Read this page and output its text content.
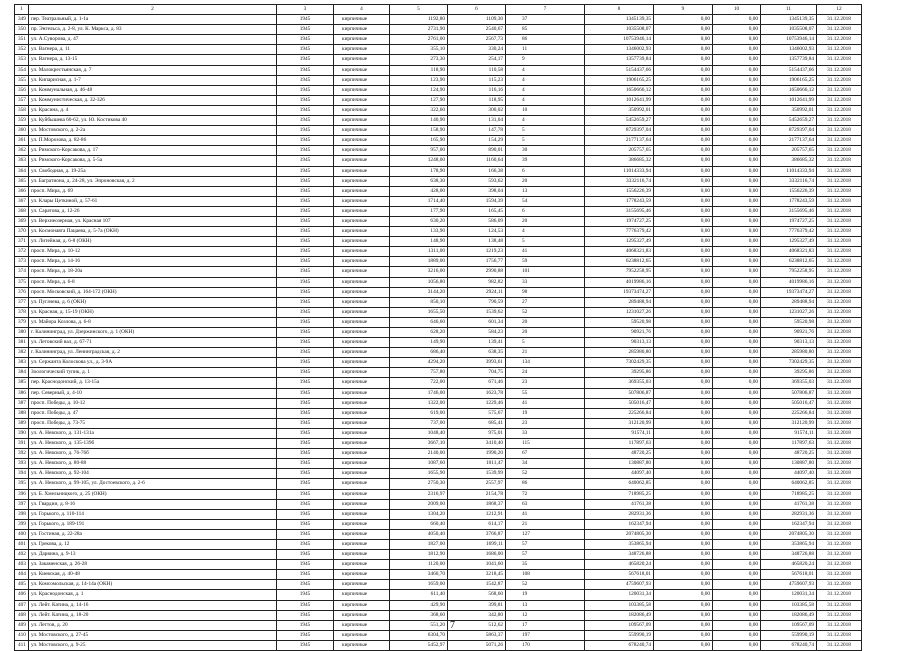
1	2	3	4	5	6	7	8	9	10	11	12
349	пер. Театральный, д. 1-1а	1945	кирпичные	1192,80	1109,30	37	1345139,35	0,00	0,00	1345139,35	31.12.2018
350	пр. Энгельса, д. 2-8, ул. К. Маркса, д. 83	1945	кирпичные	2731,90	2540,67	85	1035508,07	0,00	0,00	1035508,07	31.12.2018
351	ул. А.Суворова, д. 47	1945	кирпичные	2761,00	2567,73	86	10753946,14	0,00	0,00	10753946,14	31.12.2018
352	ул. Вагнера, д. 11	1945	кирпичные	355,10	330,24	11	1346002,93	0,00	0,00	1346002,93	31.12.2018
353	ул. Вагнера, д. 13-15	1945	кирпичные	273,30	254,17	9	1357739,84	0,00	0,00	1357739,84	31.12.2018
354	ул. Малокрестьянская, д. 7	1945	кирпичные	118,90	110,58	4	5154437,66	0,00	0,00	5154437,66	31.12.2018
355	ул. Кипарисная, д. 1-7	1945	кирпичные	123,90	115,23	4	1906165,25	0,00	0,00	1906165,25	31.12.2018
356	ул. Коммунальная, д. 46-48	1945	кирпичные	124,90	116,16	4	1650666,12	0,00	0,00	1650666,12	31.12.2018
357	ул. Коммунистическая, д. 32-326	1945	кирпичные	127,90	118,95	4	1012641,99	0,00	0,00	1012641,99	31.12.2018
358	ул. Красина, д. 4	1945	кирпичные	322,60	300,02	10	350992,01	0,00	0,00	350992,01	31.12.2018
359	ул. Куйбышева 60-62, ул. Ю. Костикова 40	1945	кирпичные	140,90	131,04	4	5452659,27	0,00	0,00	5452659,27	31.12.2018
360	ул. Мостовского, д. 2-2а	1945	кирпичные	158,90	147,78	5	8729397,04	0,00	0,00	8729397,04	31.12.2018
361	ул. П.Морозова, д. 82-86	1945	кирпичные	165,90	154,29	5	2177137,64	0,00	0,00	2177137,64	31.12.2018
362	ул. Римского-Корсакова, д. 17	1945	кирпичные	957,00	890,01	30	205757,65	0,00	0,00	205757,65	31.12.2018
363	ул. Римского-Корсакова, д. 5-5а	1945	кирпичные	1248,00	1160,64	39	386685,32	0,00	0,00	386685,32	31.12.2018
364	ул. Свободная, д. 19-25а	1945	кирпичные	178,90	166,38	6	11014333,94	0,00	0,00	11014333,94	31.12.2018
365	ул. Багратиона, д. 24-28, ул. Эпроновская, д. 2	1945	кирпичные	638,30	593,62	20	3332116,74	0,00	0,00	3332116,74	31.12.2018
366	просп. Мира, д. 69	1945	кирпичные	428,00	398,04	13	1556226,39	0,00	0,00	1556226,39	31.12.2018
367	ул. Клары Цеткиной, д. 57-61	1945	кирпичные	1714,40	1594,39	54	1778243,59	0,00	0,00	1778243,59	31.12.2018
368	ул. Саратова, д. 12-26	1945	кирпичные	177,90	165,45	6	3155695,46	0,00	0,00	3155695,46	31.12.2018
369	ул. Верхнеозерная, ул. Красная 107	1945	кирпичные	630,20	586,09	20	1974727,25	0,00	0,00	1974727,25	31.12.2018
370	ул. Космонавта Пацаева, д. 5-7а (ОКН)	1945	кирпичные	133,90	124,53	4	7776379,42	0,00	0,00	7776379,42	31.12.2018
371	ул. Литейная, д. 6-8 (ОКН)	1945	кирпичные	148,90	138,48	5	1295327,49	0,00	0,00	1295327,49	31.12.2018
372	просп. Мира, д. 10-12	1945	кирпичные	1311,00	1219,23	41	4068321,83	0,00	0,00	4068321,83	31.12.2018
373	просп. Мира, д. 14-16	1945	кирпичные	1889,00	1756,77	59	6238812,65	0,00	0,00	6238812,65	31.12.2018
374	просп. Мира, д. 18-20а	1945	кирпичные	3216,00	2990,88	101	7952258,95	0,00	0,00	7952258,95	31.12.2018
375	просп. Мира, д. 6-8	1945	кирпичные	1056,80	982,82	33	4019986,16	0,00	0,00	4019986,16	31.12.2018
376	просп. Московский, д. 164-172 (ОКН)	1945	кирпичные	3144,20	2924,11	98	19373474,27	0,00	0,00	19373474,27	31.12.2018
377	ул. Пугачева, д. 6 (ОКН)	1945	кирпичные	850,10	790,59	27	289488,94	0,00	0,00	289488,94	31.12.2018
378	ул. Красная, д. 15-19 (ОКН)	1945	кирпичные	1655,50	1539,62	52	1231027,26	0,00	0,00	1231027,26	31.12.2018
379	ул. Майора Козлова, д. 6-8	1945	кирпичные	646,60	601,34	20	59520,98	0,00	0,00	59520,98	31.12.2018
380	г. Калининград, ул. Дзержинского, д. 1 (ОКН)	1945	кирпичные	628,20	584,23	20	90921,76	0,00	0,00	90921,76	31.12.2018
381	ул. Летовский вал, д. 67-71	1945	кирпичные	149,90	139,41	5	90313,13	0,00	0,00	90313,13	31.12.2018
382	г. Калининград, ул. Ленинградская, д. 2	1945	кирпичные	686,40	638,35	21	285980,80	0,00	0,00	285980,80	31.12.2018
383	ул. Сержанта Колоскова ул., д. 3-9А	1945	кирпичные	4294,20	3993,61	134	7302429,35	0,00	0,00	7302429,35	31.12.2018
384	Зоологический тупик, д. 1	1945	кирпичные	757,80	704,75	24	39295,86	0,00	0,00	39295,86	31.12.2018
385	пер. Краснодонский, д. 13-15а	1945	кирпичные	722,00	671,46	23	369355,03	0,00	0,00	369355,03	31.12.2018
386	пер. Северный, д. 4-10	1945	кирпичные	1746,00	1623,78	55	507806,87	0,00	0,00	507806,87	31.12.2018
387	просп. Победы, д. 10-12	1945	кирпичные	1322,00	1229,46	41	505016,47	0,00	0,00	505016,47	31.12.2018
388	просп. Победы, д. 47	1945	кирпичные	619,00	575,67	19	225266,84	0,00	0,00	225266,84	31.12.2018
389	просп. Победы, д. 73-75	1945	кирпичные	737,00	685,41	23	312120,99	0,00	0,00	312120,99	31.12.2018
390	ул. А. Невского, д. 131-131а	1945	кирпичные	1048,40	975,01	33	91574,11	0,00	0,00	91574,11	31.12.2018
391	ул. А. Невского, д. 135-139б	1945	кирпичные	3667,10	3410,40	115	117897,63	0,00	0,00	117897,63	31.12.2018
392	ул. А. Невского, д. 76-76б	1945	кирпичные	2140,00	1990,20	67	48720,25	0,00	0,00	48720,25	31.12.2018
393	ул. А. Невского, д. 80-88	1945	кирпичные	1087,60	1011,47	34	130887,80	0,00	0,00	130887,80	31.12.2018
394	ул. А. Невского, д. 92-104	1945	кирпичные	1655,90	1539,99	52	44097,40	0,00	0,00	44097,40	31.12.2018
395	ул. А. Невского, д. 99-105, ул. Достоевского, д. 2-6	1945	кирпичные	2750,30	2557,97	86	640062,85	0,00	0,00	640062,85	31.12.2018
396	ул. Б. Хмельницкого, д. 25 (ОКН)	1945	кирпичные	2316,97	2154,78	72	718985,25	0,00	0,00	718985,25	31.12.2018
397	ул. Гвардии, д. 8-16	1945	кирпичные	2009,00	1868,37	63	41761,38	0,00	0,00	41761,38	31.12.2018
398	ул. Горького, д. 110-114	1945	кирпичные	1304,20	1212,91	41	282931,36	0,00	0,00	282931,36	31.12.2018
399	ул. Горького, д. 189-191	1945	кирпичные	660,40	614,17	21	162347,94	0,00	0,00	162347,94	31.12.2018
400	ул. Гостиная, д. 22-28а	1945	кирпичные	4050,40	3766,87	127	2074805,30	0,00	0,00	2074805,30	31.12.2018
401	ул. Грекова, д. 12	1945	кирпичные	1827,00	1699,11	57	353865,94	0,00	0,00	353865,94	31.12.2018
402	ул. Дарвина, д. 9-13	1945	кирпичные	1812,90	1686,00	57	348726,88	0,00	0,00	348726,88	31.12.2018
403	ул. Закаменская, д. 26-28	1945	кирпичные	1120,00	1041,60	35	465820,24	0,00	0,00	465820,24	31.12.2018
404	ул. Киевская, д. 40-48	1945	кирпичные	3460,70	3218,45	108	567618,01	0,00	0,00	567618,01	31.12.2018
405	ул. Комсомольская, д. 14-14а (ОКН)	1945	кирпичные	1659,00	1542,87	52	4759607,93	0,00	0,00	4759607,93	31.12.2018
406	ул. Краснодонская, д. 1	1945	кирпичные	611,40	568,60	19	120031,34	0,00	0,00	120031,34	31.12.2018
407	ул. Лейт. Катина, д. 14-16	1945	кирпичные	429,90	399,81	13	103385,58	0,00	0,00	103385,58	31.12.2018
408	ул. Лейт. Катина, д. 18-20	1945	кирпичные	368,60	342,80	12	182086,49	0,00	0,00	182086,49	31.12.2018
409	ул. Леттов, д. 20	1945	кирпичные	551,20	512,62	17	109567,09	0,00	0,00	109567,09	31.12.2018
410	ул. Мостовского, д. 27-45	1945	кирпичные	6304,70	5863,37	197	559990,19	0,00	0,00	559990,19	31.12.2018
411	ул. Мостовского, д. 9-25	1945	кирпичные	5452,97	5071,26	170	678240,74	0,00	0,00	678240,74	31.12.2018
7
